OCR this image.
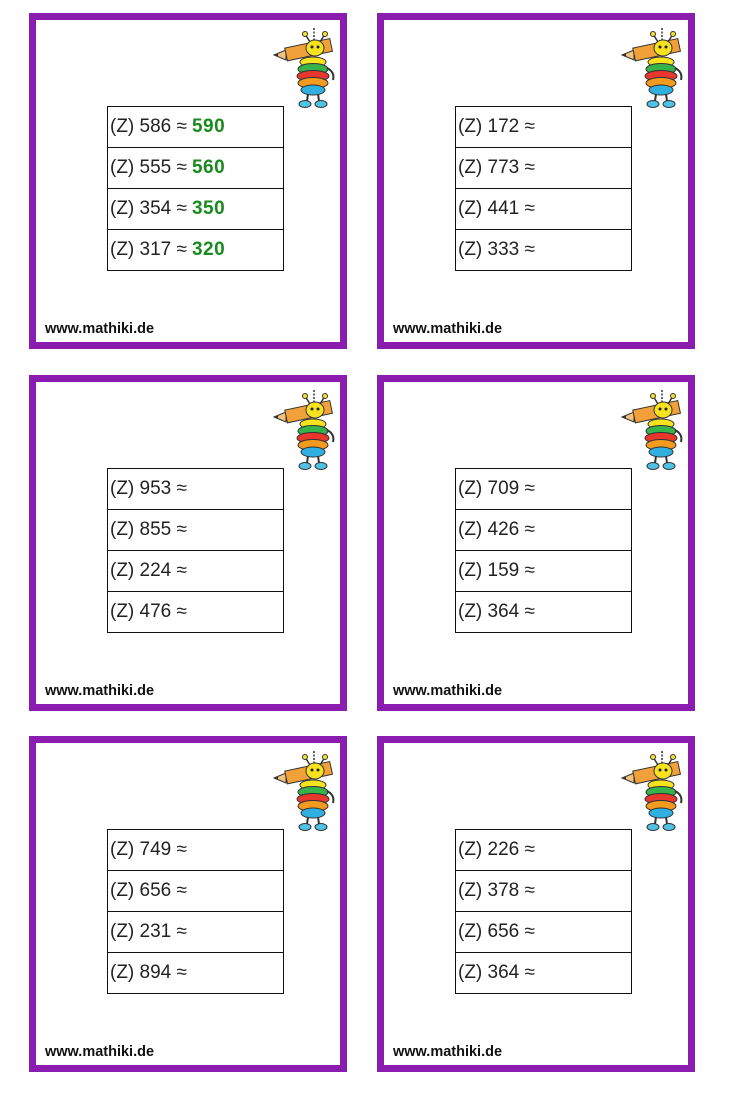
(Z) 586 ≈ 590
(Z) 555 ≈ 560
(Z) 354 ≈ 350
(Z) 317 ≈ 320
www.mathiki.de
(Z) 172 ≈
(Z) 773 ≈
(Z) 441 ≈
(Z) 333 ≈
www.mathiki.de
(Z) 953 ≈
(Z) 855 ≈
(Z) 224 ≈
(Z) 476 ≈
www.mathiki.de
(Z) 709 ≈
(Z) 426 ≈
(Z) 159 ≈
(Z) 364 ≈
www.mathiki.de
(Z) 749 ≈
(Z) 656 ≈
(Z) 231 ≈
(Z) 894 ≈
www.mathiki.de
(Z) 226 ≈
(Z) 378 ≈
(Z) 656 ≈
(Z) 364 ≈
www.mathiki.de
